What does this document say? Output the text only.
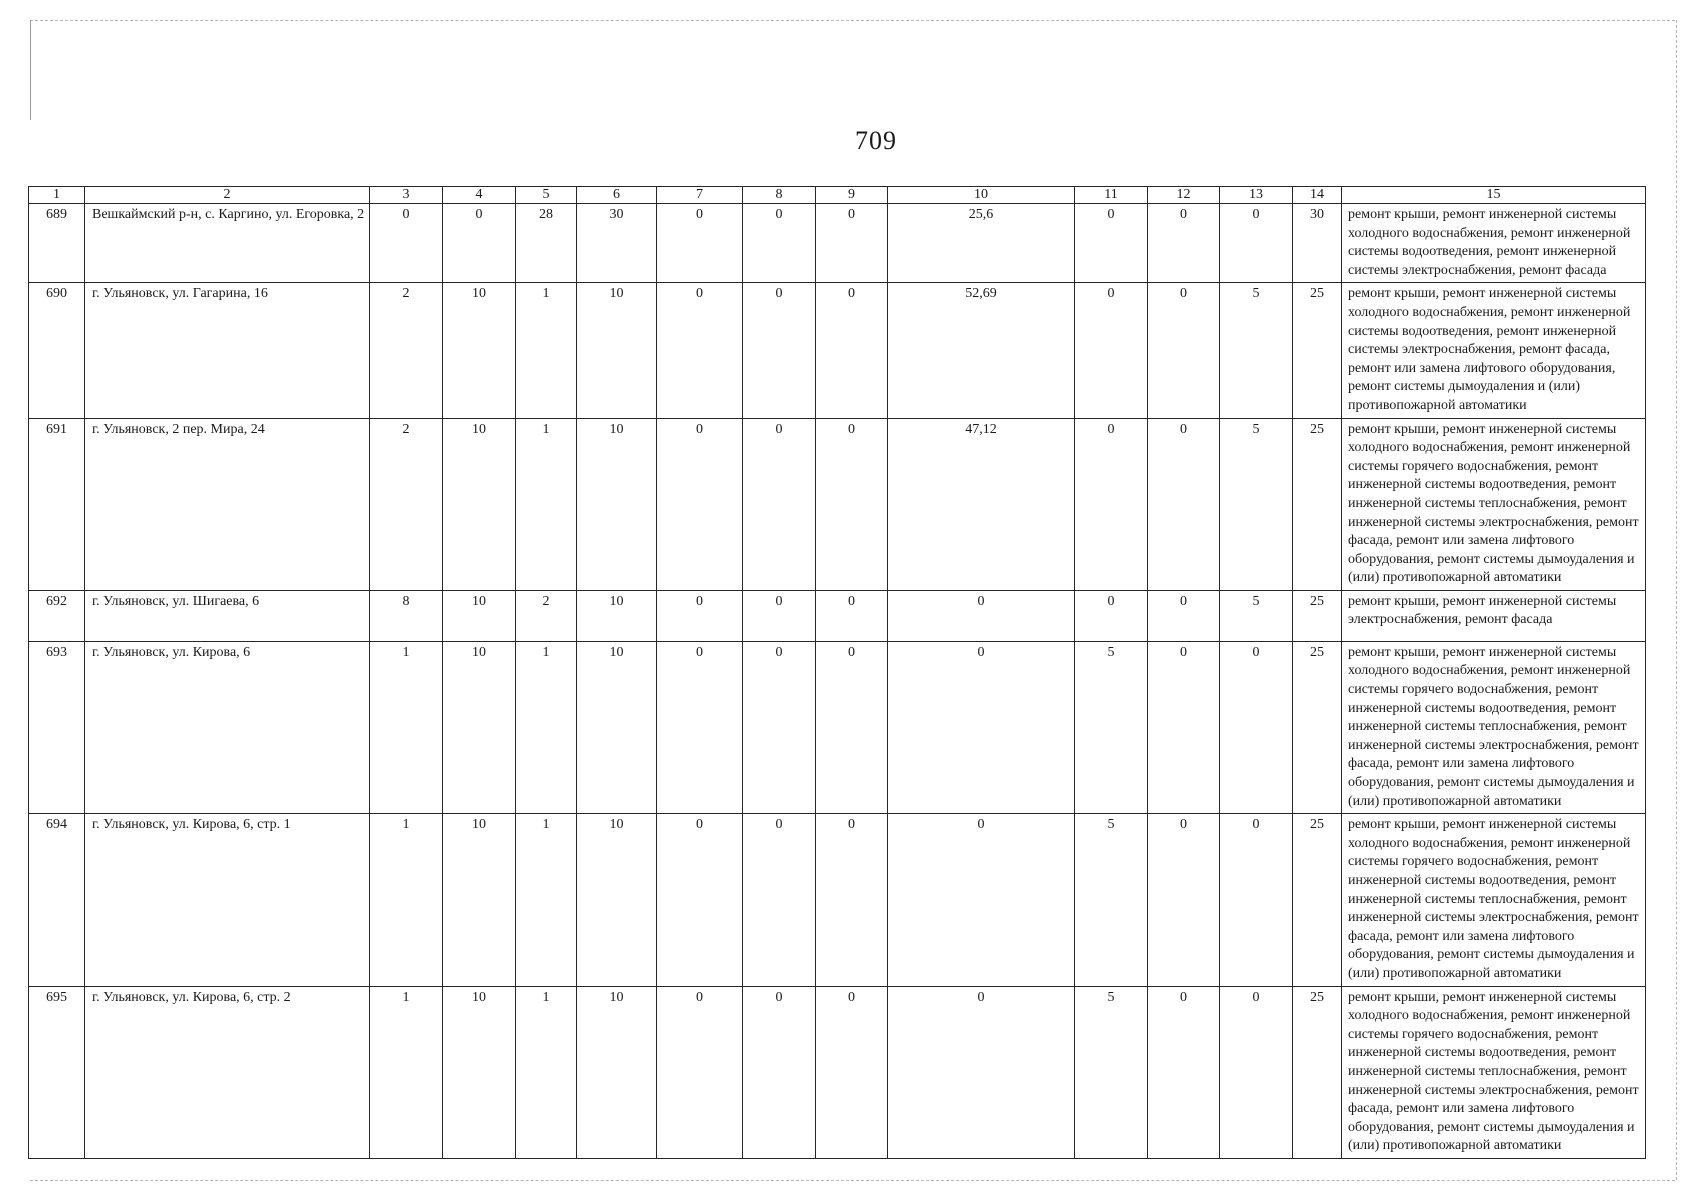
709
1	2	3	4	5	6	7	8	9	10	11	12	13	14	15
689	Вешкаймский р-н, с. Каргино, ул. Егоровка, 2	0	0	28	30	0	0	0	25,6	0	0	0	30	ремонт крыши, ремонт инженерной системы холодного водоснабжения, ремонт инженерной системы водоотведения, ремонт инженерной системы электроснабжения, ремонт фасада
690	г. Ульяновск, ул. Гагарина, 16	2	10	1	10	0	0	0	52,69	0	0	5	25	ремонт крыши, ремонт инженерной системы холодного водоснабжения, ремонт инженерной системы водоотведения, ремонт инженерной системы электроснабжения, ремонт фасада, ремонт или замена лифтового оборудования, ремонт системы дымоудаления и (или) противопожарной автоматики
691	г. Ульяновск, 2 пер. Мира, 24	2	10	1	10	0	0	0	47,12	0	0	5	25	ремонт крыши, ремонт инженерной системы холодного водоснабжения, ремонт инженерной системы горячего водоснабжения, ремонт инженерной системы водоотведения, ремонт инженерной системы теплоснабжения, ремонт инженерной системы электроснабжения, ремонт фасада, ремонт или замена лифтового оборудования, ремонт системы дымоудаления и (или) противопожарной автоматики
692	г. Ульяновск, ул. Шигаева, 6	8	10	2	10	0	0	0	0	0	0	5	25	ремонт крыши, ремонт инженерной системы электроснабжения, ремонт фасада
693	г. Ульяновск, ул. Кирова, 6	1	10	1	10	0	0	0	0	5	0	0	25	ремонт крыши, ремонт инженерной системы холодного водоснабжения, ремонт инженерной системы горячего водоснабжения, ремонт инженерной системы водоотведения, ремонт инженерной системы теплоснабжения, ремонт инженерной системы электроснабжения, ремонт фасада, ремонт или замена лифтового оборудования, ремонт системы дымоудаления и (или) противопожарной автоматики
694	г. Ульяновск, ул. Кирова, 6, стр. 1	1	10	1	10	0	0	0	0	5	0	0	25	ремонт крыши, ремонт инженерной системы холодного водоснабжения, ремонт инженерной системы горячего водоснабжения, ремонт инженерной системы водоотведения, ремонт инженерной системы теплоснабжения, ремонт инженерной системы электроснабжения, ремонт фасада, ремонт или замена лифтового оборудования, ремонт системы дымоудаления и (или) противопожарной автоматики
695	г. Ульяновск, ул. Кирова, 6, стр. 2	1	10	1	10	0	0	0	0	5	0	0	25	ремонт крыши, ремонт инженерной системы холодного водоснабжения, ремонт инженерной системы горячего водоснабжения, ремонт инженерной системы водоотведения, ремонт инженерной системы теплоснабжения, ремонт инженерной системы электроснабжения, ремонт фасада, ремонт или замена лифтового оборудования, ремонт системы дымоудаления и (или) противопожарной автоматики
